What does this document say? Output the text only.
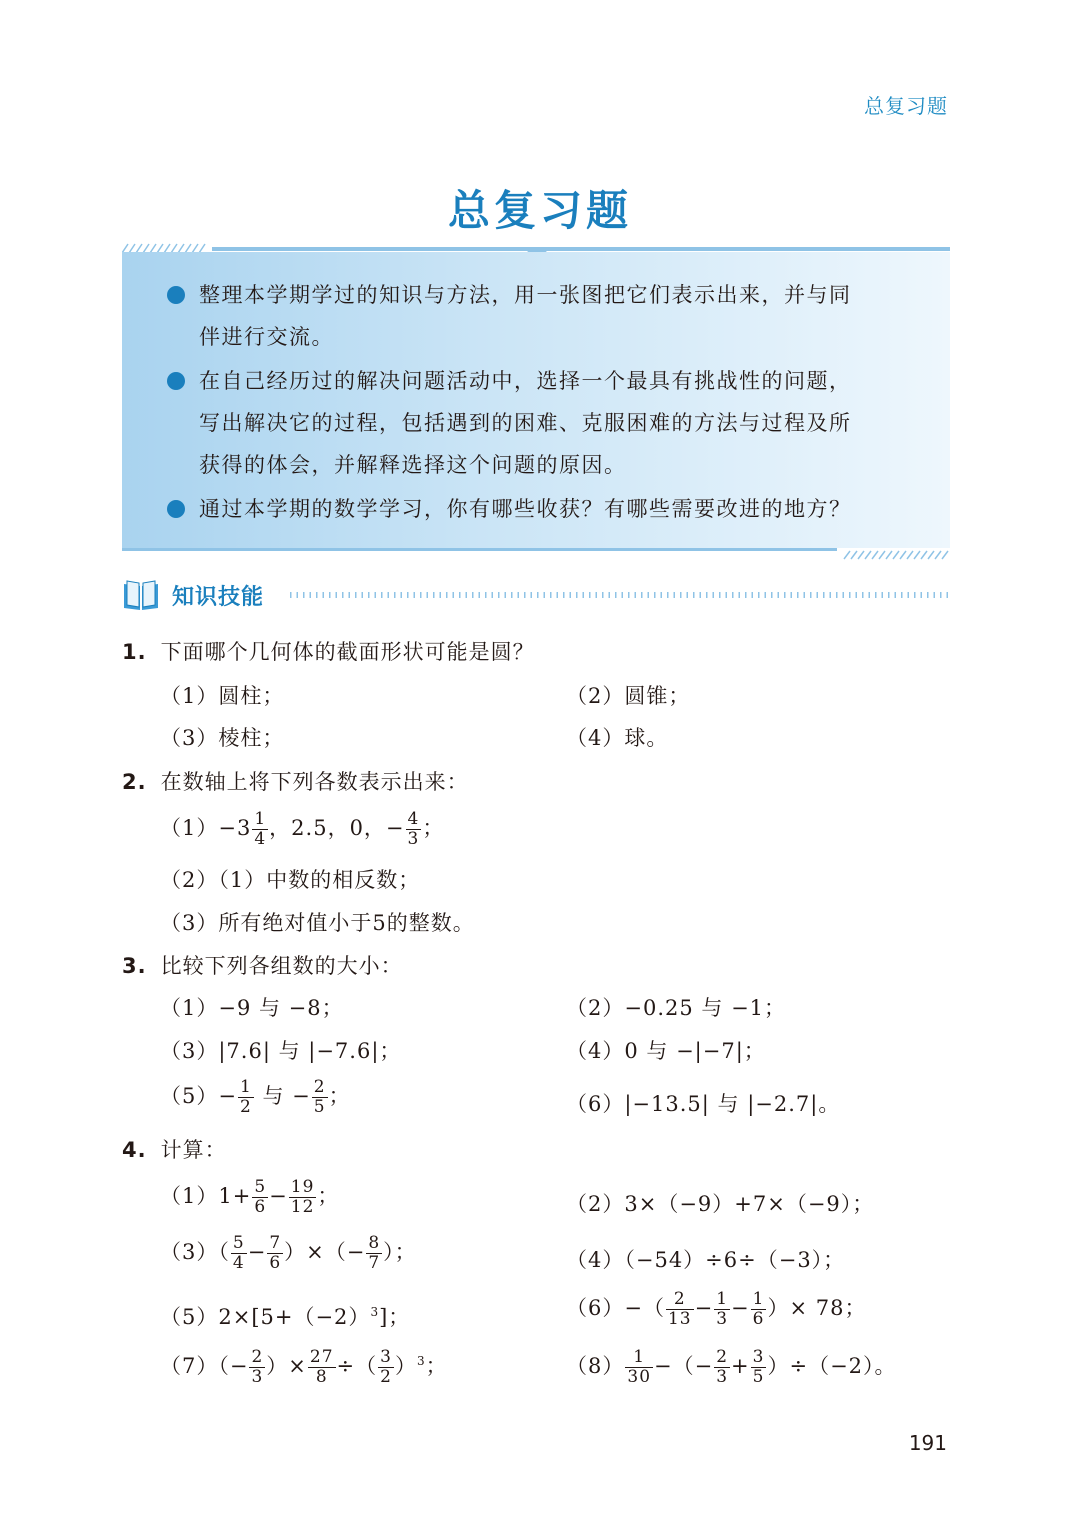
总复习题
总复习题
整理本学期学过的知识与方法，用一张图把它们表示出来，并与同
伴进行交流。
在自己经历过的解决问题活动中，选择一个最具有挑战性的问题，
写出解决它的过程，包括遇到的困难、克服困难的方法与过程及所
获得的体会，并解释选择这个问题的原因。
通过本学期的数学学习，你有哪些收获？有哪些需要改进的地方？
知识技能
1. 下面哪个几何体的截面形状可能是圆？
（1）圆柱；	（2）圆锥；
（3）棱柱；	（4）球。
2. 在数轴上将下列各数表示出来：
$(1)-3 \frac{1}{4}$ ，2.5，0，− $\frac{4}{3}$ ；
（2）（1）中数的相反数；
（3）所有绝对值小于5的整数。
3. 比较下列各组数的大小：
（1）−9 与 −8；	（2）−0.25 与 −1；
（3）|7.6| 与 |−7.6|；	（4）0 与 −|−7|；
$(5)- \frac{1}{2}$ 与 − $\frac{2}{5}$ ；	（6）|−13.5| 与 |−2.7|。
4. 计算：
$(1)1+ \frac{5}{6} - \frac{19}{12}$ ；	（2）3×（−9）+7×（−9）；
$(3)( \frac{5}{4} - \frac{7}{6}$ ）×（− $\frac{8}{7}$ ）；	（4）（−54）÷6÷（−3）；
$(5)2\times[5+(-2)^3]$；	$(6)-( \frac{2}{13} - \frac{1}{3} - \frac{1}{6}$ ）× 78；
$(7)(- \frac{2}{3}$ ）× $\frac{27}{8}$ ÷（ $\frac{3}{2} )^3$；	$(8) \frac{1}{30}$ −（− $\frac{2}{3} + \frac{3}{5} )\div(-2)$。
191
